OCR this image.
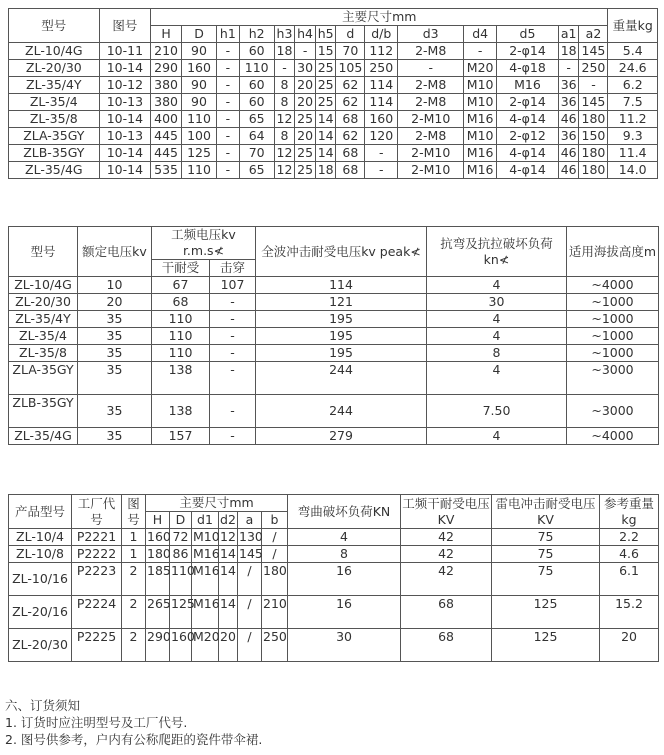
型号	图号	主要尺寸mm														重量kg
		H	D	h1	h2	h3	h4	h5	d	d/b	d3	d4	d5	a1	a2	
ZL-10/4G	10-11	210	90	-	60	18	-	15	70	112	2-M8	-	2-φ14	18	145	5.4
ZL-20/30	10-14	290	160	-	110	-	30	25	105	250	-	M20	4-φ18	-	250	24.6
ZL-35/4Y	10-12	380	90	-	60	8	20	25	62	114	2-M8	M10	M16	36	-	6.2
ZL-35/4	10-13	380	90	-	60	8	20	25	62	114	2-M8	M10	2-φ14	36	145	7.5
ZL-35/8	10-14	400	110	-	65	12	25	14	68	160	2-M10	M16	4-φ14	46	180	11.2
ZLA-35GY	10-13	445	100	-	64	8	20	14	62	120	2-M8	M10	2-φ12	36	150	9.3
ZLB-35GY	10-14	445	125	-	70	12	25	14	68	-	2-M10	M16	4-φ14	46	180	11.4
ZL-35/4G	10-14	535	110	-	65	12	25	18	68	-	2-M10	M16	4-φ14	46	180	14.0
型号	额定电压kv	工频电压kv r.m.s≮		全波冲击耐受电压kv peak≮	抗弯及抗拉破坏负荷kn≮	适用海拔高度m
		干耐受	击穿			
ZL-10/4G	10	67	107	114	4	~4000
ZL-20/30	20	68	-	121	30	~1000
ZL-35/4Y	35	110	-	195	4	~1000
ZL-35/4	35	110	-	195	4	~1000
ZL-35/8	35	110	-	195	8	~1000
ZLA-35GY	35	138	-	244	4	~3000
ZLB-35GY	35	138	-	244	7.50	~3000
ZL-35/4G	35	157	-	279	4	~4000
产品型号	工厂代号	图号	主要尺寸mm						弯曲破坏负荷KN	工频干耐受电压KV	雷电冲击耐受电压KV	参考重量kg
			H	D	d1	d2	a	b				
ZL-10/4	P2221	1	160	72	M10	12	130	/	4	42	75	2.2
ZL-10/8	P2222	1	180	86	M16	14	145	/	8	42	75	4.6
ZL-10/16	P2223	2	185	110	M16	14	/	180	16	42	75	6.1
ZL-20/16	P2224	2	265	125	M16	14	/	210	16	68	125	15.2
ZL-20/30	P2225	2	290	160	M20	20	/	250	30	68	125	20
六、订货须知
1. 订货时应注明型号及工厂代号.
2. 图号供参考，户内有公称爬距的瓷件带伞裙.
